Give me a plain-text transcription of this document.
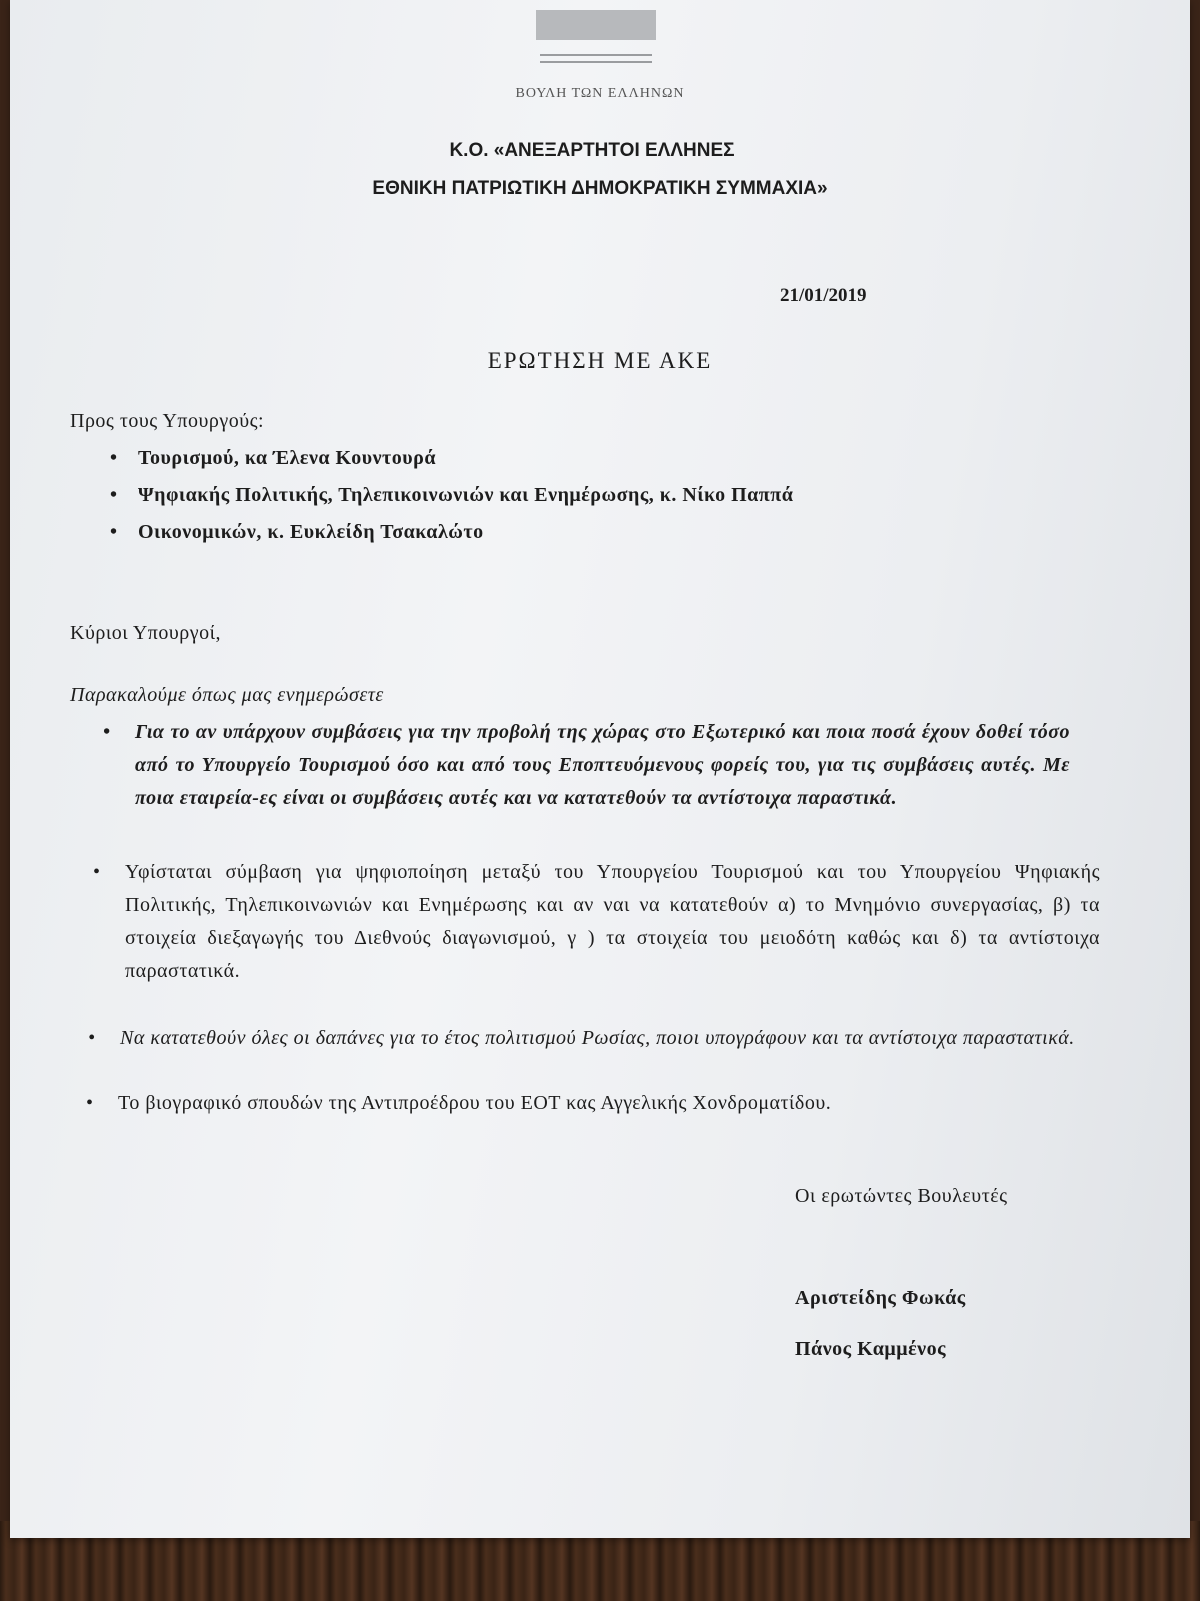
ΒΟΥΛΗ ΤΩΝ ΕΛΛΗΝΩΝ
Κ.Ο. «ΑΝΕΞΑΡΤΗΤΟΙ ΕΛΛΗΝΕΣ
ΕΘΝΙΚΗ ΠΑΤΡΙΩΤΙΚΗ ΔΗΜΟΚΡΑΤΙΚΗ ΣΥΜΜΑΧΙΑ»
21/01/2019
ΕΡΩΤΗΣΗ ΜΕ ΑΚΕ
Προς τους Υπουργούς:
• Τουρισμού, κα Έλενα Κουντουρά
• Ψηφιακής Πολιτικής, Τηλεπικοινωνιών και Ενημέρωσης, κ. Νίκο Παππά
• Οικονομικών, κ. Ευκλείδη Τσακαλώτο
Κύριοι Υπουργοί,
Παρακαλούμε όπως μας ενημερώσετε
• Για το αν υπάρχουν συμβάσεις για την προβολή της χώρας στο Εξωτερικό και ποια ποσά έχουν δοθεί τόσο από το Υπουργείο Τουρισμού όσο και από τους Εποπτευόμενους φορείς του, για τις συμβάσεις αυτές. Με ποια εταιρεία-ες είναι οι συμβάσεις αυτές και να κατατεθούν τα αντίστοιχα παραστικά.
• Υφίσταται σύμβαση για ψηφιοποίηση μεταξύ του Υπουργείου Τουρισμού και του Υπουργείου Ψηφιακής Πολιτικής, Τηλεπικοινωνιών και Ενημέρωσης και αν ναι να κατατεθούν α) το Μνημόνιο συνεργασίας, β) τα στοιχεία διεξαγωγής του Διεθνούς διαγωνισμού, γ ) τα στοιχεία του μειοδότη καθώς και δ) τα αντίστοιχα παραστατικά.
• Να κατατεθούν όλες οι δαπάνες για το έτος πολιτισμού Ρωσίας, ποιοι υπογράφουν και τα αντίστοιχα παραστατικά.
• Το βιογραφικό σπουδών της Αντιπροέδρου του ΕΟΤ κας Αγγελικής Χονδροματίδου.
Οι ερωτώντες Βουλευτές
Αριστείδης Φωκάς
Πάνος Καμμένος
